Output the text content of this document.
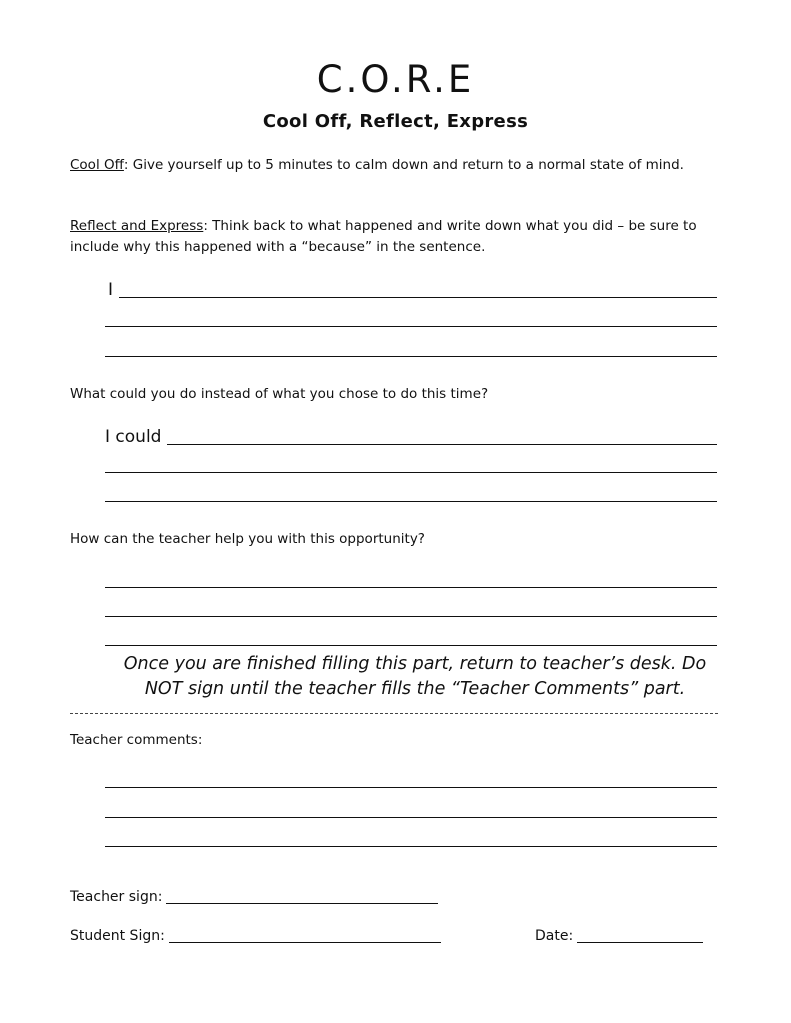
C.O.R.E
Cool Off, Reflect, Express
Cool Off: Give yourself up to 5 minutes to calm down and return to a normal state of mind.
Reflect and Express: Think back to what happened and write down what you did – be sure to include why this happened with a “because” in the sentence.
I
What could you do instead of what you chose to do this time?
I could
How can the teacher help you with this opportunity?
Once you are finished filling this part, return to teacher’s desk. Do
NOT sign until the teacher fills the “Teacher Comments” part.
Teacher comments:
Teacher sign:
Student Sign:	Date:
